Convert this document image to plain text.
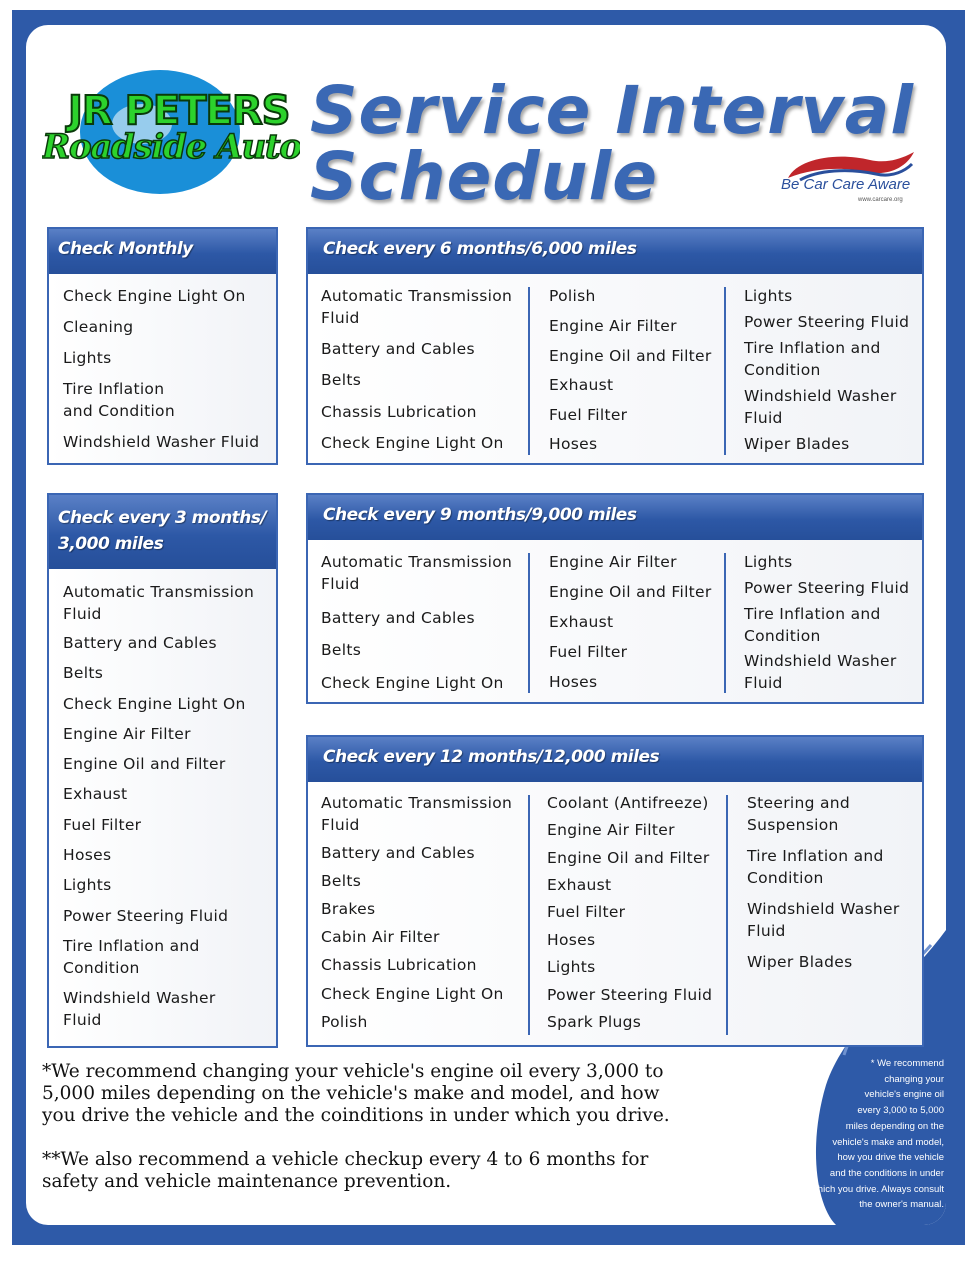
JR PETERS
Roadside Auto Service Interval
Schedule	Be Car Care Aware
www.carcare.org
Check Monthly
Check Engine Light On
Cleaning
Lights
Tire Inflation
and Condition
Windshield Washer Fluid
Check every 3 months/
3,000 miles
Automatic Transmission
Fluid
Battery and Cables
Belts
Check Engine Light On
Engine Air Filter
Engine Oil and Filter
Exhaust
Fuel Filter
Hoses
Lights
Power Steering Fluid
Tire Inflation and
Condition
Windshield Washer
Fluid
Check every 6 months/6,000 miles
Automatic Transmission
Fluid
Battery and Cables
Belts
Chassis Lubrication
Check Engine Light On
Polish
Engine Air Filter
Engine Oil and Filter
Exhaust
Fuel Filter
Hoses
Lights
Power Steering Fluid
Tire Inflation and
Condition
Windshield Washer
Fluid
Wiper Blades
Check every 9 months/9,000 miles
Automatic Transmission
Fluid
Battery and Cables
Belts
Check Engine Light On
Engine Air Filter
Engine Oil and Filter
Exhaust
Fuel Filter
Hoses
Lights
Power Steering Fluid
Tire Inflation and
Condition
Windshield Washer
Fluid
Check every 12 months/12,000 miles
Automatic Transmission
Fluid
Battery and Cables
Belts
Brakes
Cabin Air Filter
Chassis Lubrication
Check Engine Light On
Polish
Coolant (Antifreeze)
Engine Air Filter
Engine Oil and Filter
Exhaust
Fuel Filter
Hoses
Lights
Power Steering Fluid
Spark Plugs
Steering and
Suspension
Tire Inflation and
Condition
Windshield Washer
Fluid
Wiper Blades
*We recommend changing your vehicle's engine oil every 3,000 to
5,000 miles depending on the vehicle's make and model, and how
you drive the vehicle and the coinditions in under which you drive.
**We also recommend a vehicle checkup every 4 to 6 months for
safety and vehicle maintenance prevention.
* We recommend
changing your
vehicle's engine oil
every 3,000 to 5,000
miles depending on the
vehicle's make and model,
how you drive the vehicle
and the conditions in under
which you drive. Always consult
the owner's manual.
